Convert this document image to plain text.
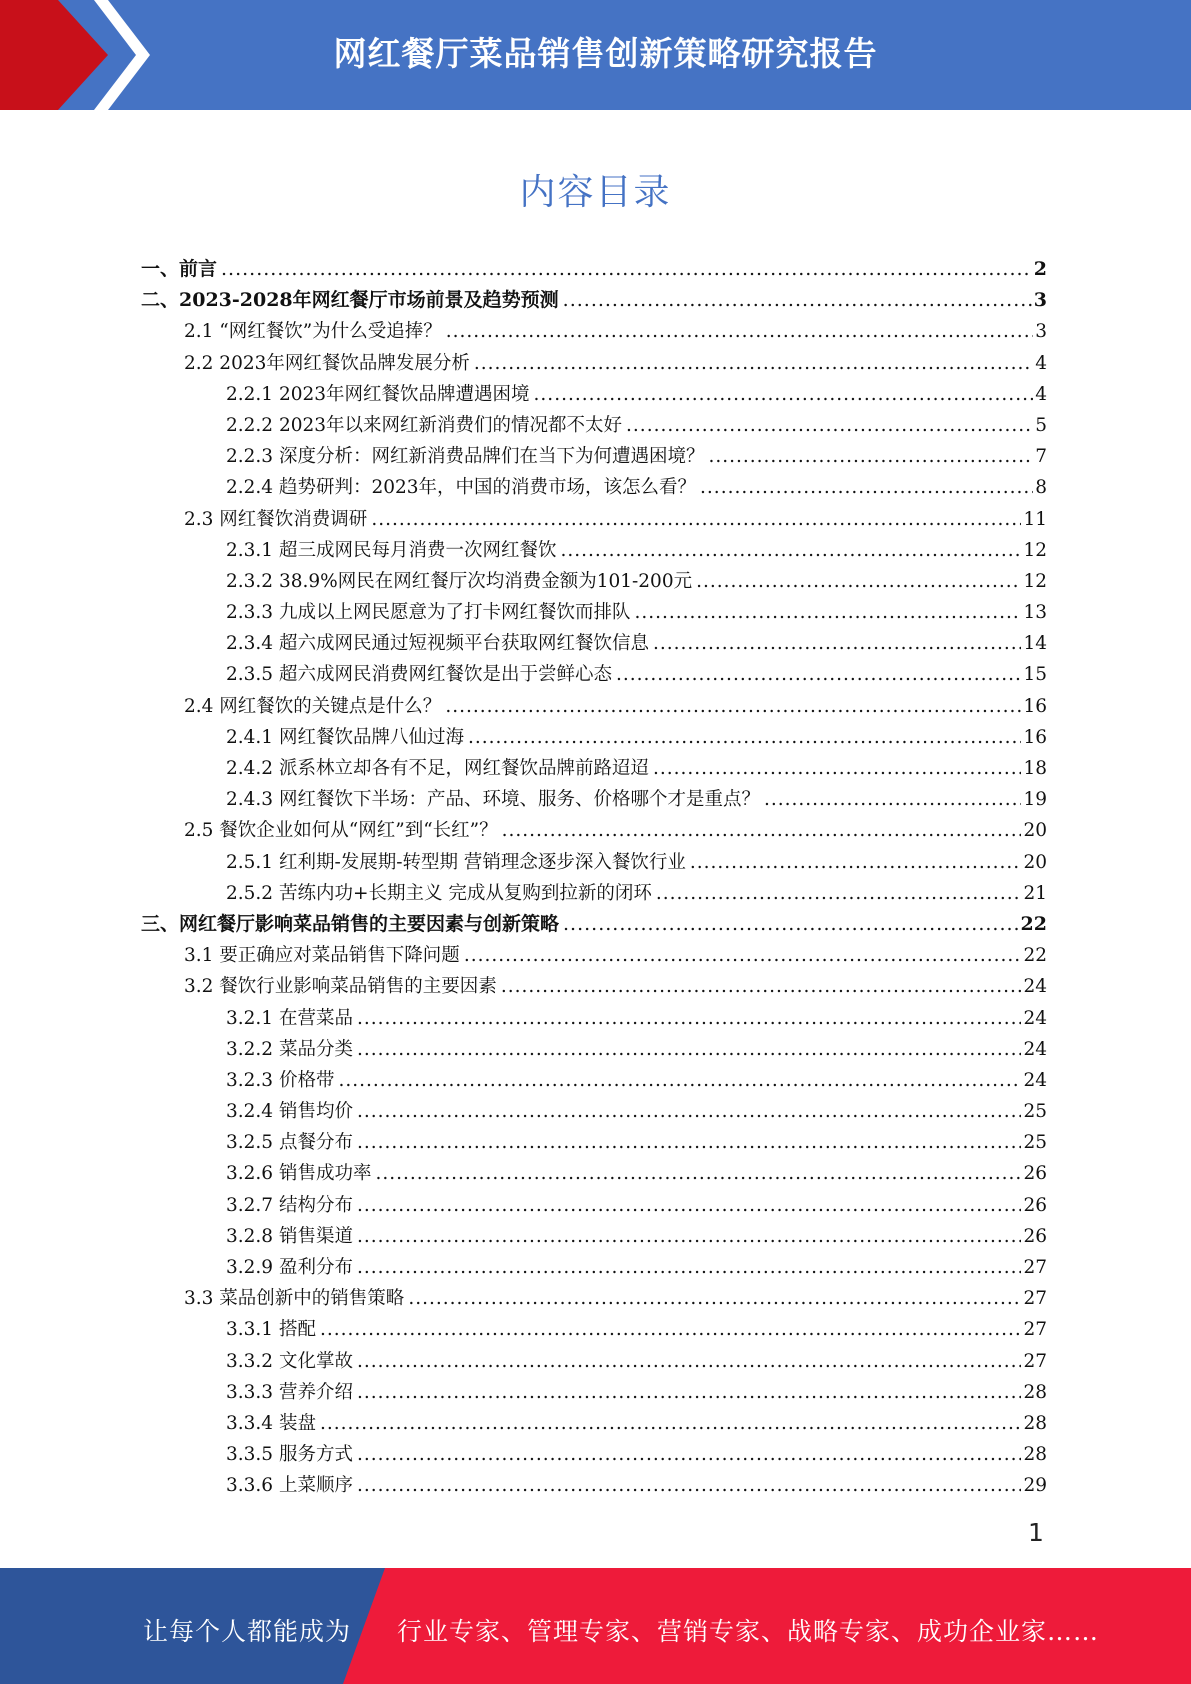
网红餐厅菜品销售创新策略研究报告
内容目录
一、前言 .....	2
二、2023-2028年网红餐厅市场前景及趋势预测 .....	3
2.1 “网红餐饮”为什么受追捧？ .....	3
2.2 2023年网红餐饮品牌发展分析 .....	4
2.2.1 2023年网红餐饮品牌遭遇困境 .....	4
2.2.2 2023年以来网红新消费们的情况都不太好 .....	5
2.2.3 深度分析：网红新消费品牌们在当下为何遭遇困境？ .....	7
2.2.4 趋势研判：2023年，中国的消费市场，该怎么看？ .....	8
2.3 网红餐饮消费调研 .....	11
2.3.1 超三成网民每月消费一次网红餐饮 .....	12
2.3.2 38.9%网民在网红餐厅次均消费金额为101-200元 .....	12
2.3.3 九成以上网民愿意为了打卡网红餐饮而排队 .....	13
2.3.4 超六成网民通过短视频平台获取网红餐饮信息 .....	14
2.3.5 超六成网民消费网红餐饮是出于尝鲜心态 .....	15
2.4 网红餐饮的关键点是什么？ .....	16
2.4.1 网红餐饮品牌八仙过海 .....	16
2.4.2 派系林立却各有不足，网红餐饮品牌前路迢迢 .....	18
2.4.3 网红餐饮下半场：产品、环境、服务、价格哪个才是重点？ .....	19
2.5 餐饮企业如何从“网红”到“长红”？ .....	20
2.5.1 红利期-发展期-转型期 营销理念逐步深入餐饮行业 .....	20
2.5.2 苦练内功+长期主义 完成从复购到拉新的闭环 .....	21
三、网红餐厅影响菜品销售的主要因素与创新策略 .....	22
3.1 要正确应对菜品销售下降问题 .....	22
3.2 餐饮行业影响菜品销售的主要因素 .....	24
3.2.1 在营菜品 .....	24
3.2.2 菜品分类 .....	24
3.2.3 价格带 .....	24
3.2.4 销售均价 .....	25
3.2.5 点餐分布 .....	25
3.2.6 销售成功率 .....	26
3.2.7 结构分布 .....	26
3.2.8 销售渠道 .....	26
3.2.9 盈利分布 .....	27
3.3 菜品创新中的销售策略 .....	27
3.3.1 搭配 .....	27
3.3.2 文化掌故 .....	27
3.3.3 营养介绍 .....	28
3.3.4 装盘 .....	28
3.3.5 服务方式 .....	28
3.3.6 上菜顺序 .....	29
1
让每个人都能成为 行业专家、管理专家、营销专家、战略专家、成功企业家……
